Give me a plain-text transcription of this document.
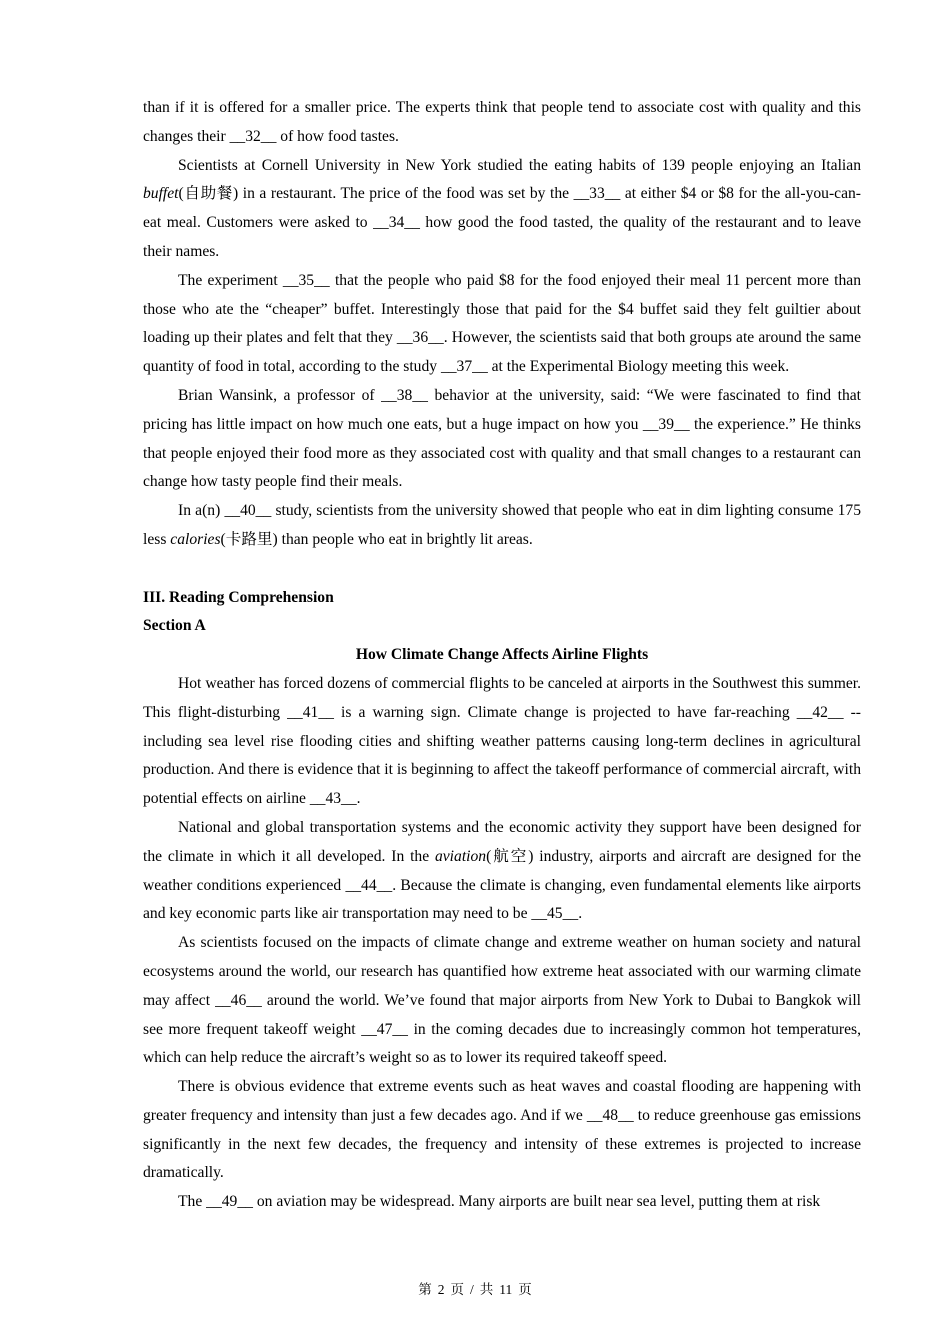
than if it is offered for a smaller price. The experts think that people tend to associate cost with quality and this changes their __32__ of how food tastes.

Scientists at Cornell University in New York studied the eating habits of 139 people enjoying an Italian buffet(自助餐) in a restaurant. The price of the food was set by the __33__ at either $4 or $8 for the all-you-can-eat meal. Customers were asked to __34__ how good the food tasted, the quality of the restaurant and to leave their names.

The experiment __35__ that the people who paid $8 for the food enjoyed their meal 11 percent more than those who ate the “cheaper” buffet. Interestingly those that paid for the $4 buffet said they felt guiltier about loading up their plates and felt that they __36__. However, the scientists said that both groups ate around the same quantity of food in total, according to the study __37__ at the Experimental Biology meeting this week.

Brian Wansink, a professor of __38__ behavior at the university, said: “We were fascinated to find that pricing has little impact on how much one eats, but a huge impact on how you __39__ the experience.” He thinks that people enjoyed their food more as they associated cost with quality and that small changes to a restaurant can change how tasty people find their meals.

In a(n) __40__ study, scientists from the university showed that people who eat in dim lighting consume 175 less calories(卡路里) than people who eat in brightly lit areas.

III. Reading Comprehension

Section A

How Climate Change Affects Airline Flights

Hot weather has forced dozens of commercial flights to be canceled at airports in the Southwest this summer. This flight-disturbing __41__ is a warning sign. Climate change is projected to have far-reaching __42__ --including sea level rise flooding cities and shifting weather patterns causing long-term declines in agricultural production. And there is evidence that it is beginning to affect the takeoff performance of commercial aircraft, with potential effects on airline __43__.

National and global transportation systems and the economic activity they support have been designed for the climate in which it all developed. In the aviation(航空) industry, airports and aircraft are designed for the weather conditions experienced __44__. Because the climate is changing, even fundamental elements like airports and key economic parts like air transportation may need to be __45__.

As scientists focused on the impacts of climate change and extreme weather on human society and natural ecosystems around the world, our research has quantified how extreme heat associated with our warming climate may affect __46__ around the world. We’ve found that major airports from New York to Dubai to Bangkok will see more frequent takeoff weight __47__ in the coming decades due to increasingly common hot temperatures, which can help reduce the aircraft’s weight so as to lower its required takeoff speed.

There is obvious evidence that extreme events such as heat waves and coastal flooding are happening with greater frequency and intensity than just a few decades ago. And if we __48__ to reduce greenhouse gas emissions significantly in the next few decades, the frequency and intensity of these extremes is projected to increase dramatically.

The __49__ on aviation may be widespread. Many airports are built near sea level, putting them at risk

第 2 页 / 共 11 页
